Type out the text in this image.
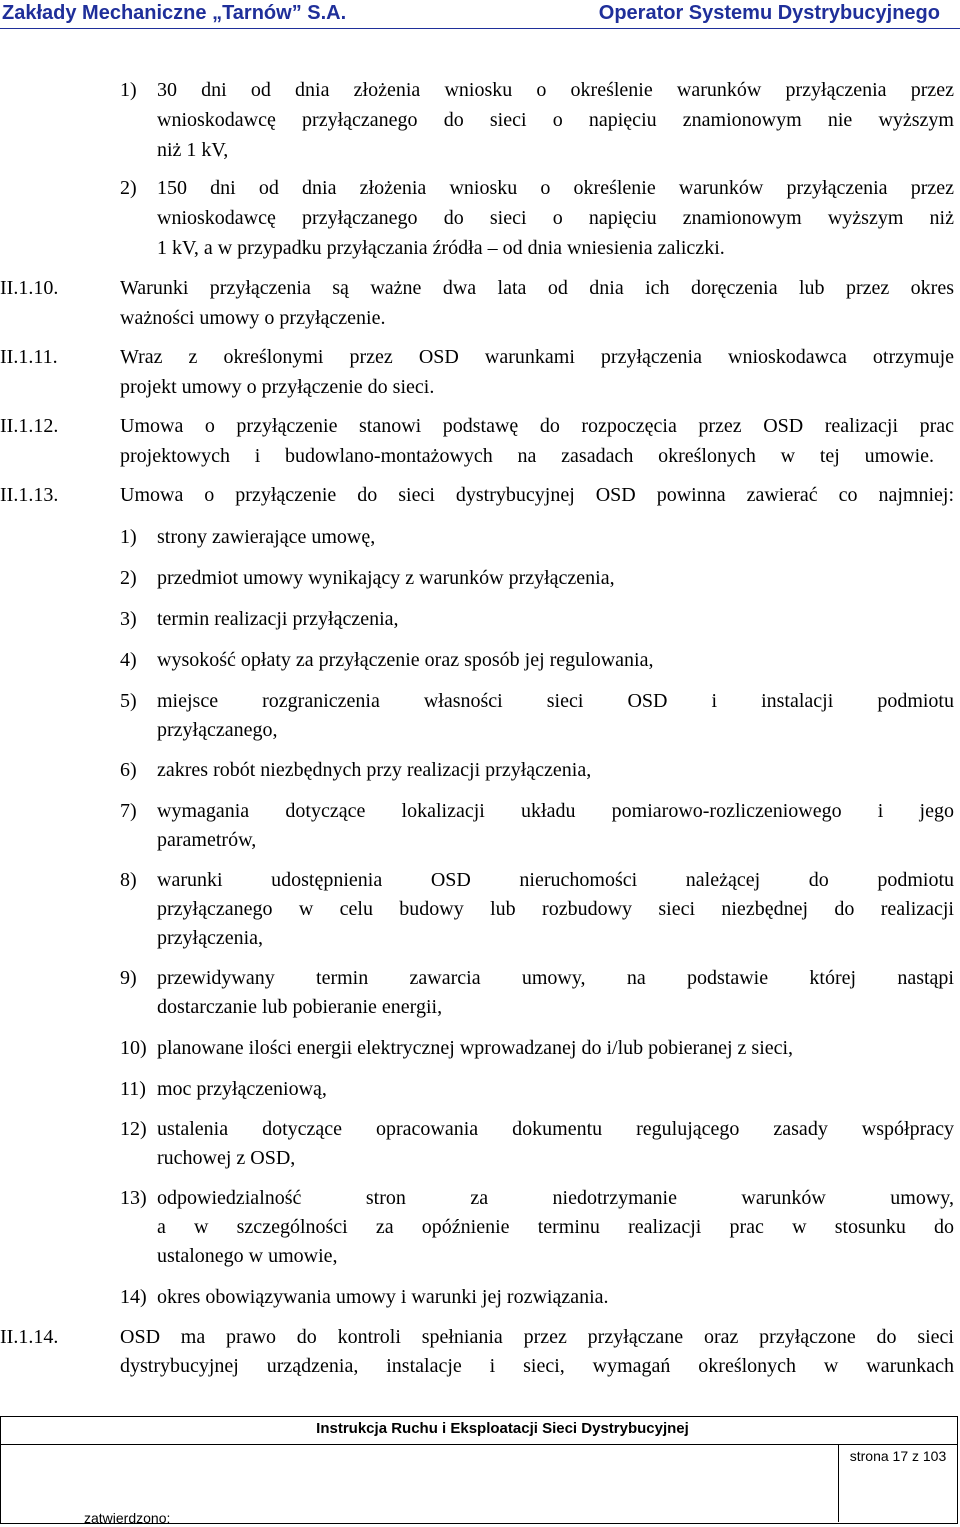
Zakłady Mechaniczne „Tarnów” S.A.	Operator Systemu Dystrybucyjnego
1) 30 dni od dnia złożenia wniosku o określenie warunków przyłączenia przez
wnioskodawcę przyłączanego do sieci o napięciu znamionowym nie wyższym
niż 1 kV,
2) 150 dni od dnia złożenia wniosku o określenie warunków przyłączenia przez
wnioskodawcę przyłączanego do sieci o napięciu znamionowym wyższym niż
1 kV, a w przypadku przyłączania źródła – od dnia wniesienia zaliczki.
II.1.10.	Warunki przyłączenia są ważne dwa lata od dnia ich doręczenia lub przez okres
ważności umowy o przyłączenie.
II.1.11.	Wraz z określonymi przez OSD warunkami przyłączenia wnioskodawca otrzymuje
projekt umowy o przyłączenie do sieci.
II.1.12.	Umowa o przyłączenie stanowi podstawę do rozpoczęcia przez OSD realizacji prac
projektowych i budowlano-montażowych na zasadach określonych w tej umowie.
II.1.13.	Umowa o przyłączenie do sieci dystrybucyjnej OSD powinna zawierać co najmniej:
1) strony zawierające umowę,
2) przedmiot umowy wynikający z warunków przyłączenia,
3) termin realizacji przyłączenia,
4) wysokość opłaty za przyłączenie oraz sposób jej regulowania,
5) miejsce rozgraniczenia własności sieci OSD i instalacji podmiotu
przyłączanego,
6) zakres robót niezbędnych przy realizacji przyłączenia,
7) wymagania dotyczące lokalizacji układu pomiarowo-rozliczeniowego i jego
parametrów,
8) warunki udostępnienia OSD nieruchomości należącej do podmiotu
przyłączanego w celu budowy lub rozbudowy sieci niezbędnej do realizacji
przyłączenia,
9) przewidywany termin zawarcia umowy, na podstawie której nastąpi
dostarczanie lub pobieranie energii,
10) planowane ilości energii elektrycznej wprowadzanej do i/lub pobieranej z sieci,
11) moc przyłączeniową,
12) ustalenia dotyczące opracowania dokumentu regulującego zasady współpracy
ruchowej z OSD,
13) odpowiedzialność stron za niedotrzymanie warunków umowy,
a w szczególności za opóźnienie terminu realizacji prac w stosunku do
ustalonego w umowie,
14) okres obowiązywania umowy i warunki jej rozwiązania.
II.1.14.	OSD ma prawo do kontroli spełniania przez przyłączane oraz przyłączone do sieci
dystrybucyjnej urządzenia, instalacje i sieci, wymagań określonych w warunkach
Instrukcja Ruchu i Eksploatacji Sieci Dystrybucyjnej
strona 17 z 103
zatwierdzono:
